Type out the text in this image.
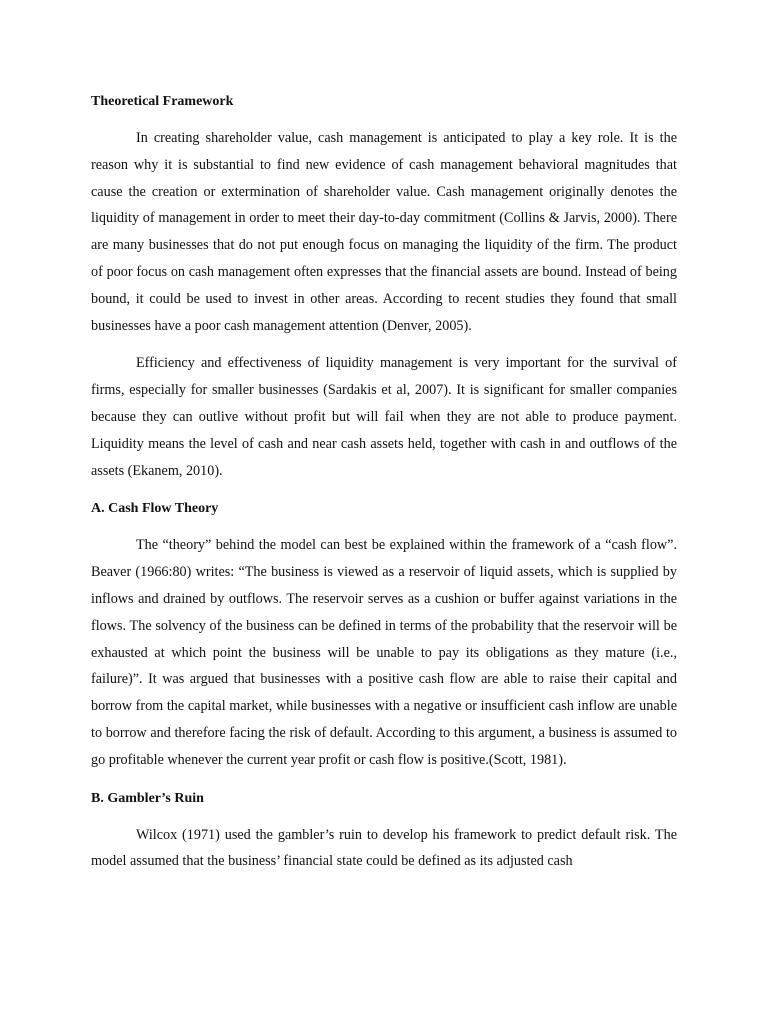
Theoretical Framework

In creating shareholder value, cash management is anticipated to play a key role. It is the reason why it is substantial to find new evidence of cash management behavioral magnitudes that cause the creation or extermination of shareholder value. Cash management originally denotes the liquidity of management in order to meet their day-to-day commitment (Collins & Jarvis, 2000). There are many businesses that do not put enough focus on managing the liquidity of the firm. The product of poor focus on cash management often expresses that the financial assets are bound. Instead of being bound, it could be used to invest in other areas. According to recent studies they found that small businesses have a poor cash management attention (Denver, 2005).

Efficiency and effectiveness of liquidity management is very important for the survival of firms, especially for smaller businesses (Sardakis et al, 2007). It is significant for smaller companies because they can outlive without profit but will fail when they are not able to produce payment. Liquidity means the level of cash and near cash assets held, together with cash in and outflows of the assets (Ekanem, 2010).

A. Cash Flow Theory

The “theory” behind the model can best be explained within the framework of a “cash flow”. Beaver (1966:80) writes: “The business is viewed as a reservoir of liquid assets, which is supplied by inflows and drained by outflows. The reservoir serves as a cushion or buffer against variations in the flows. The solvency of the business can be defined in terms of the probability that the reservoir will be exhausted at which point the business will be unable to pay its obligations as they mature (i.e., failure)”. It was argued that businesses with a positive cash flow are able to raise their capital and borrow from the capital market, while businesses with a negative or insufficient cash inflow are unable to borrow and therefore facing the risk of default. According to this argument, a business is assumed to go profitable whenever the current year profit or cash flow is positive.(Scott, 1981).

B. Gambler’s Ruin

Wilcox (1971) used the gambler’s ruin to develop his framework to predict default risk. The model assumed that the business’ financial state could be defined as its adjusted cash
